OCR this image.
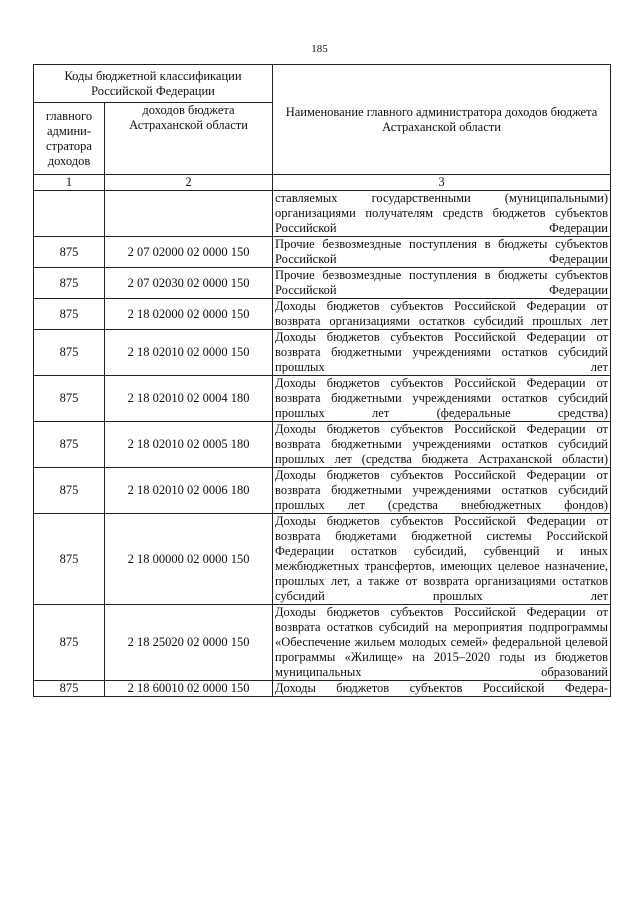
185
Коды бюджетной классификации Российской Федерации		Наименование главного администратора доходов бюджета Астраханской области
главного админи-стратора доходов	доходов бюджета Астраханской области	
1	2	3
		ставляемых государственными (муниципальными) организациями получателям средств бюджетов субъектов Российской Федерации
875	2 07 02000 02 0000 150	Прочие безвозмездные поступления в бюджеты субъектов Российской Федерации
875	2 07 02030 02 0000 150	Прочие безвозмездные поступления в бюджеты субъектов Российской Федерации
875	2 18 02000 02 0000 150	Доходы бюджетов субъектов Российской Федерации от возврата организациями остатков субсидий прошлых лет
875	2 18 02010 02 0000 150	Доходы бюджетов субъектов Российской Федерации от возврата бюджетными учреждениями остатков субсидий прошлых лет
875	2 18 02010 02 0004 180	Доходы бюджетов субъектов Российской Федерации от возврата бюджетными учреждениями остатков субсидий прошлых лет (федеральные средства)
875	2 18 02010 02 0005 180	Доходы бюджетов субъектов Российской Федерации от возврата бюджетными учреждениями остатков субсидий прошлых лет (средства бюджета Астраханской области)
875	2 18 02010 02 0006 180	Доходы бюджетов субъектов Российской Федерации от возврата бюджетными учреждениями остатков субсидий прошлых лет (средства внебюджетных фондов)
875	2 18 00000 02 0000 150	Доходы бюджетов субъектов Российской Федерации от возврата бюджетами бюджетной системы Российской Федерации остатков субсидий, субвенций и иных межбюджетных трансфертов, имеющих целевое назначение, прошлых лет, а также от возврата организациями остатков субсидий прошлых лет
875	2 18 25020 02 0000 150	Доходы бюджетов субъектов Российской Федерации от возврата остатков субсидий на мероприятия подпрограммы «Обеспечение жильем молодых семей» федеральной целевой программы «Жилище» на 2015–2020 годы из бюджетов муниципальных образований
875	2 18 60010 02 0000 150	Доходы бюджетов субъектов Российской Федера-
